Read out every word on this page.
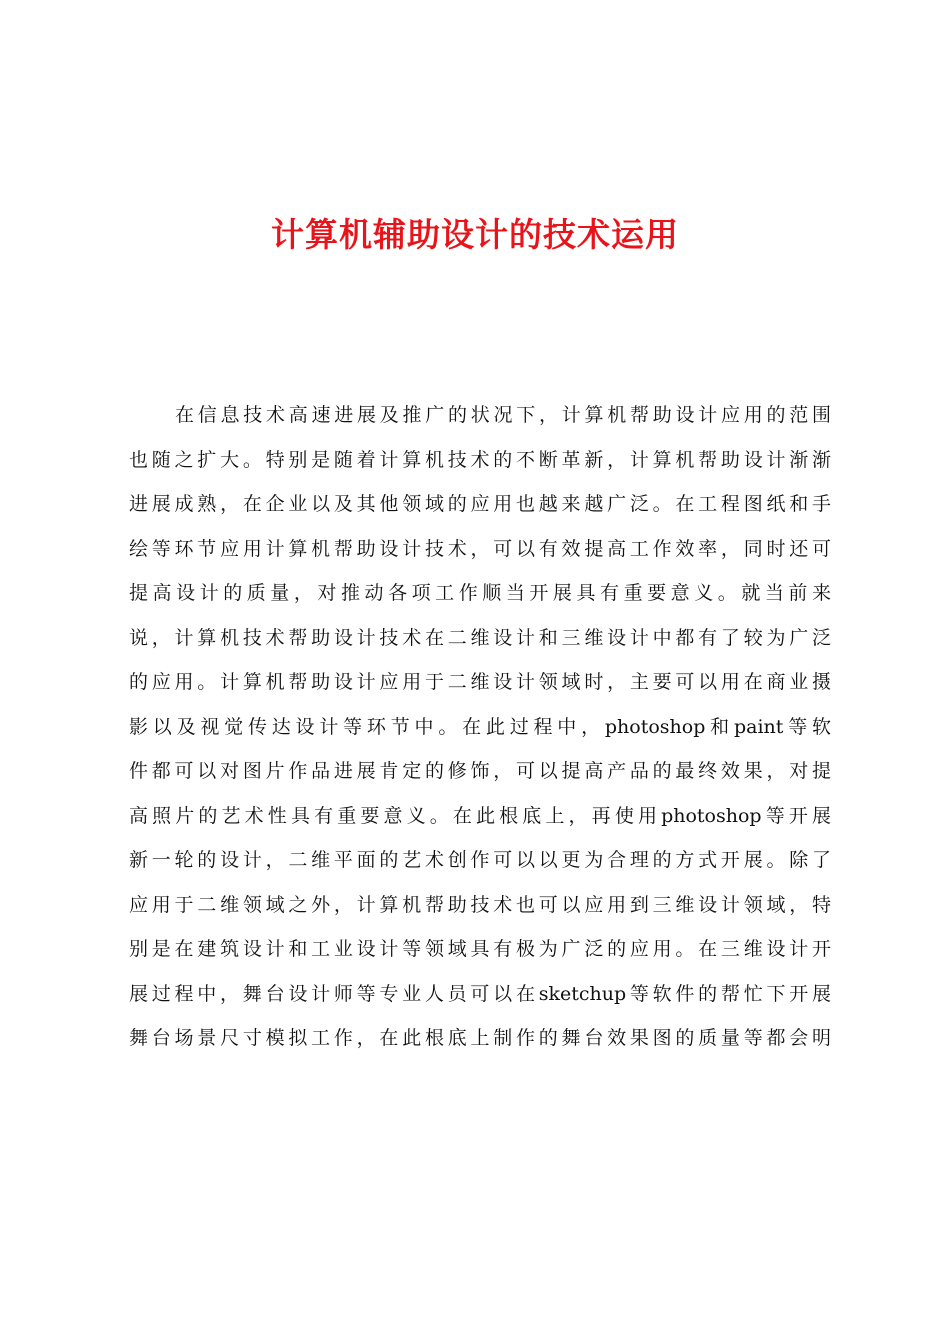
计算机辅助设计的技术运用
在信息技术高速进展及推广的状况下，计算机帮助设计应用的范围
也随之扩大。特别是随着计算机技术的不断革新，计算机帮助设计渐渐
进展成熟，在企业以及其他领域的应用也越来越广泛。在工程图纸和手
绘等环节应用计算机帮助设计技术，可以有效提高工作效率，同时还可
提高设计的质量，对推动各项工作顺当开展具有重要意义。就当前来
说，计算机技术帮助设计技术在二维设计和三维设计中都有了较为广泛
的应用。计算机帮助设计应用于二维设计领域时，主要可以用在商业摄
影以及视觉传达设计等环节中。在此过程中，photoshop和paint等软
件都可以对图片作品进展肯定的修饰，可以提高产品的最终效果，对提
高照片的艺术性具有重要意义。在此根底上，再使用photoshop等开展
新一轮的设计，二维平面的艺术创作可以以更为合理的方式开展。除了
应用于二维领域之外，计算机帮助技术也可以应用到三维设计领域，特
别是在建筑设计和工业设计等领域具有极为广泛的应用。在三维设计开
展过程中，舞台设计师等专业人员可以在sketchup等软件的帮忙下开展
舞台场景尺寸模拟工作，在此根底上制作的舞台效果图的质量等都会明
